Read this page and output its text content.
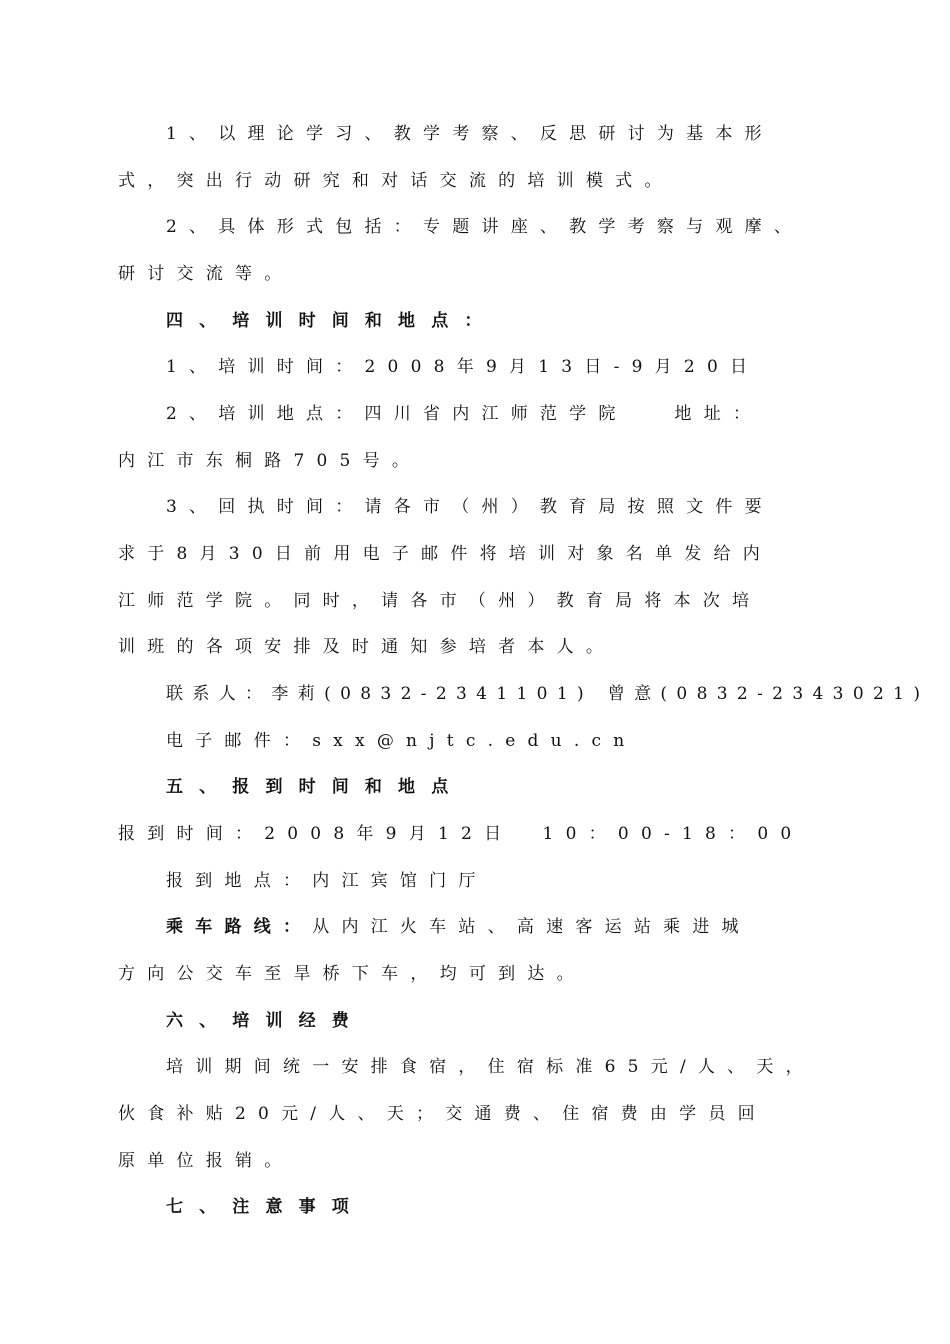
1、以理论学习、教学考察、反思研讨为基本形
式，突出行动研究和对话交流的培训模式。
2、具体形式包括：专题讲座、教学考察与观摩、
研讨交流等。
四、培训时间和地点：
1、培训时间：2008年9月13日-9月20日
2、培训地点：四川省内江师范学院　 地址：
内江市东桐路705号。
3、回执时间：请各市（州）教育局按照文件要
求于8月30日前用电子邮件将培训对象名单发给内
江师范学院。同时，请各市（州）教育局将本次培
训班的各项安排及时通知参培者本人。
联系人：李莉(0832-2341101) 曾意(0832-2343021)
电子邮件：sxx@njtc.edu.cn
五、报到时间和地点
报到时间：2008年9月12日　10：00-18：00
报到地点：内江宾馆门厅
乘车路线：从内江火车站、高速客运站乘进城
方向公交车至旱桥下车，均可到达。
六、培训经费
培训期间统一安排食宿，住宿标准65元/人、天，
伙食补贴20元/人、天；交通费、住宿费由学员回
原单位报销。
七、注意事项
